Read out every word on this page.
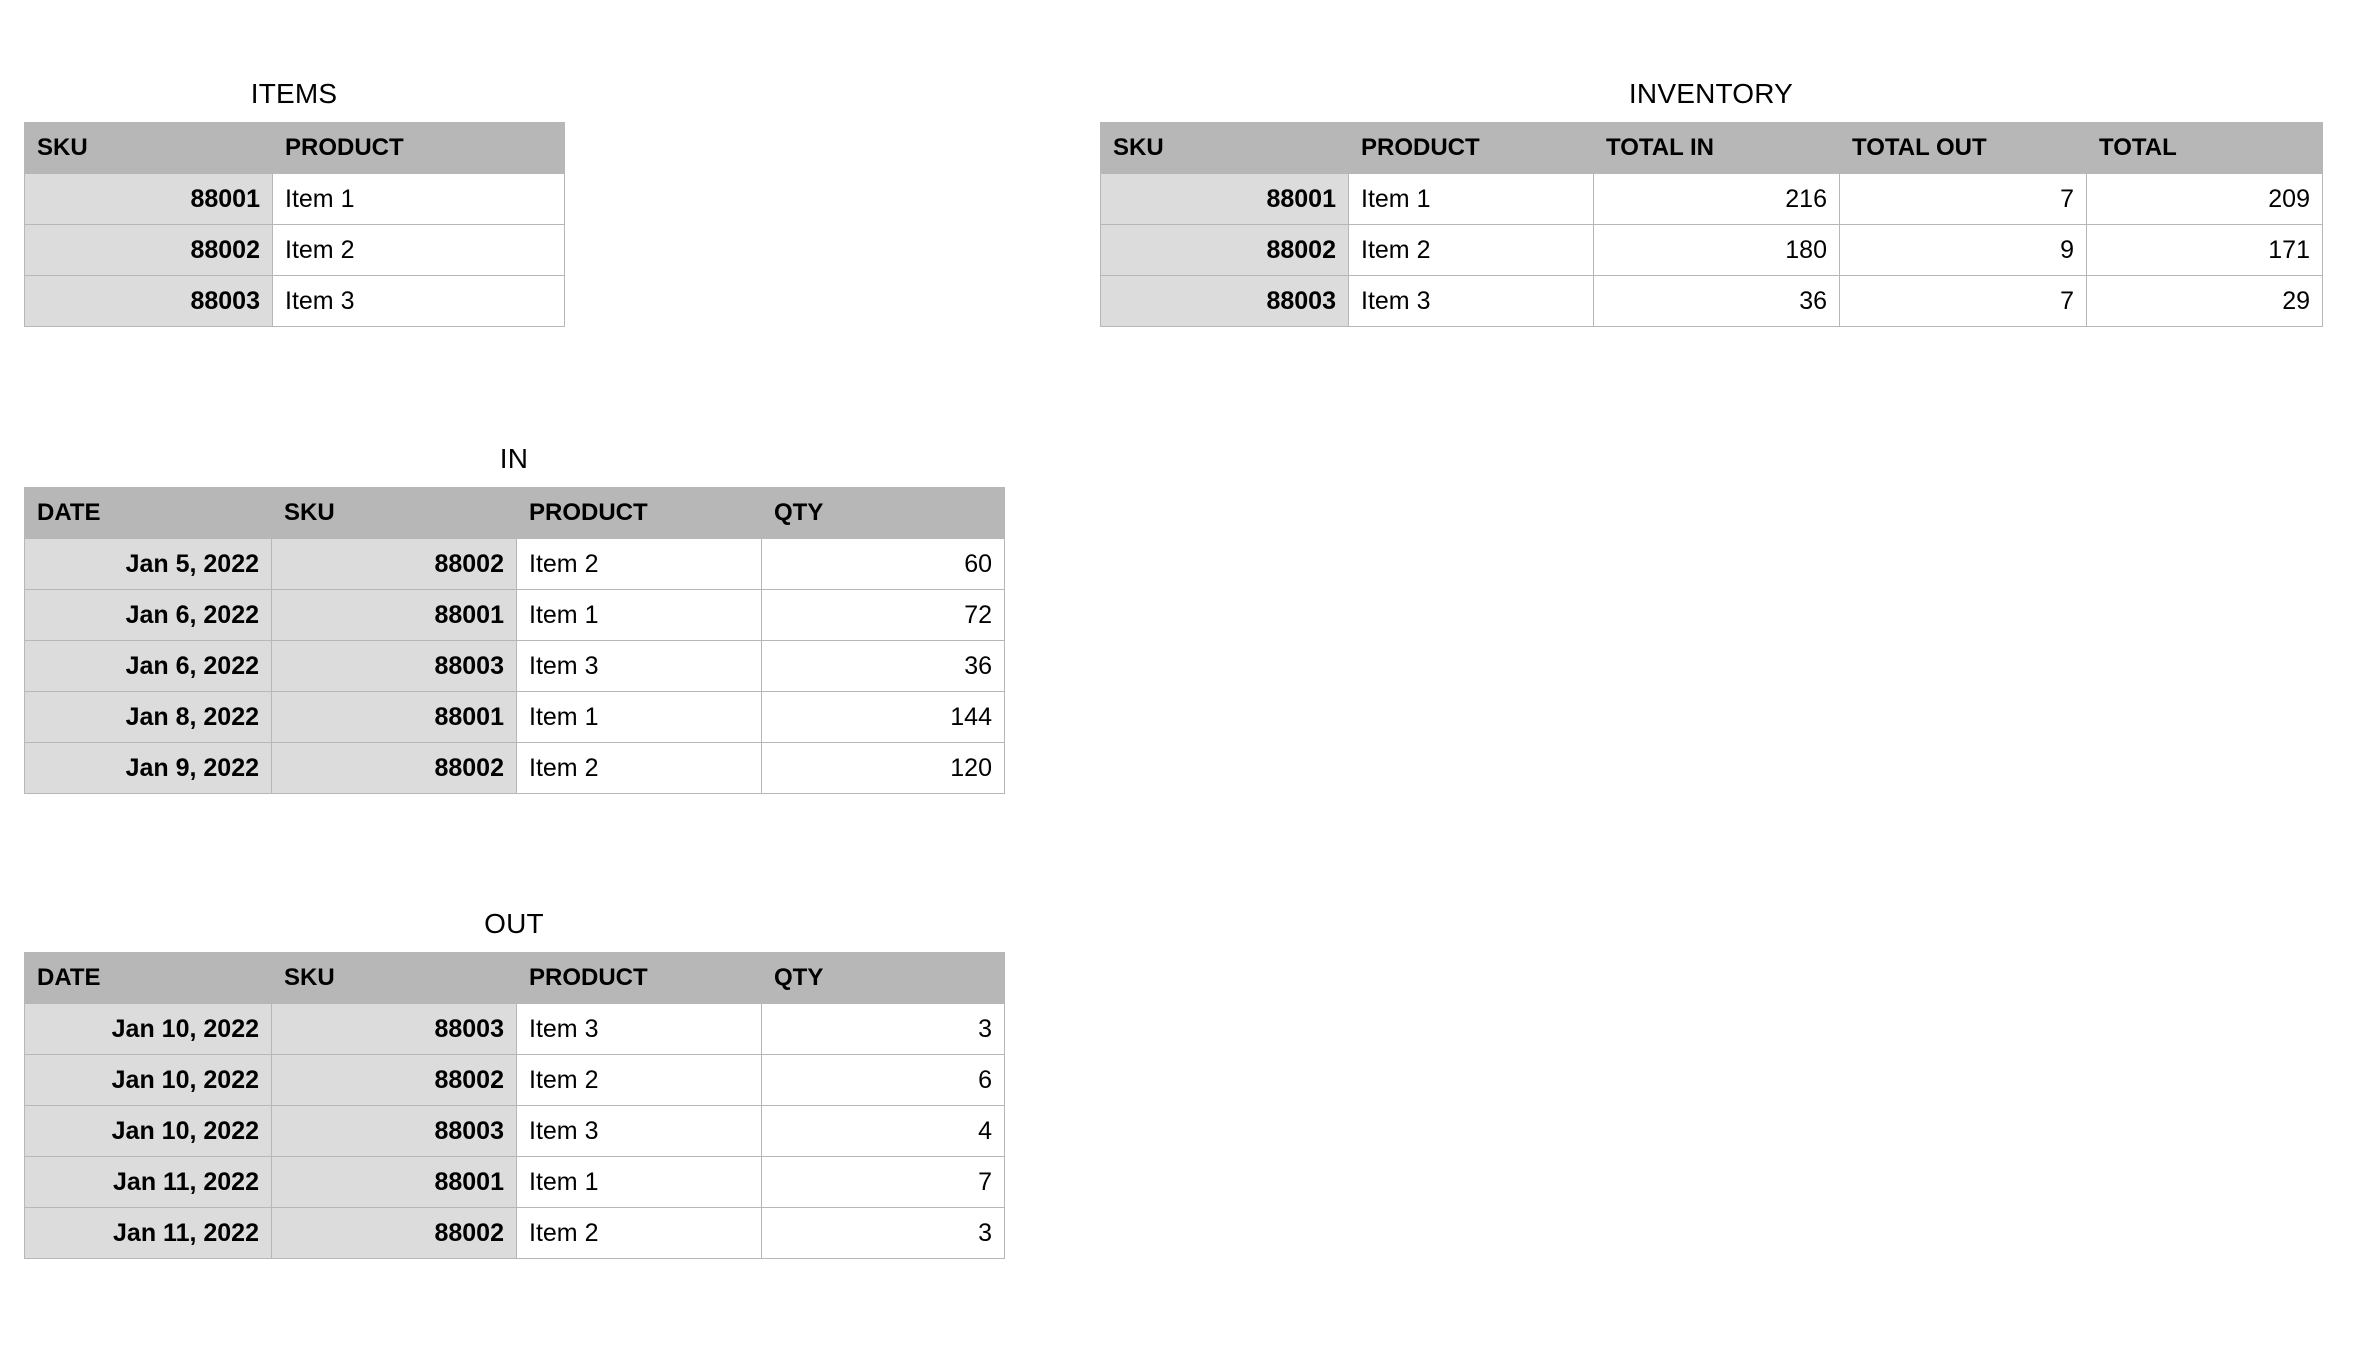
ITEMS
SKU	PRODUCT
88001	Item 1
88002	Item 2
88003	Item 3
INVENTORY
SKU	PRODUCT	TOTAL IN	TOTAL OUT	TOTAL
88001	Item 1	216	7	209
88002	Item 2	180	9	171
88003	Item 3	36	7	29
IN
DATE	SKU	PRODUCT	QTY
Jan 5, 2022	88002	Item 2	60
Jan 6, 2022	88001	Item 1	72
Jan 6, 2022	88003	Item 3	36
Jan 8, 2022	88001	Item 1	144
Jan 9, 2022	88002	Item 2	120
OUT
DATE	SKU	PRODUCT	QTY
Jan 10, 2022	88003	Item 3	3
Jan 10, 2022	88002	Item 2	6
Jan 10, 2022	88003	Item 3	4
Jan 11, 2022	88001	Item 1	7
Jan 11, 2022	88002	Item 2	3
